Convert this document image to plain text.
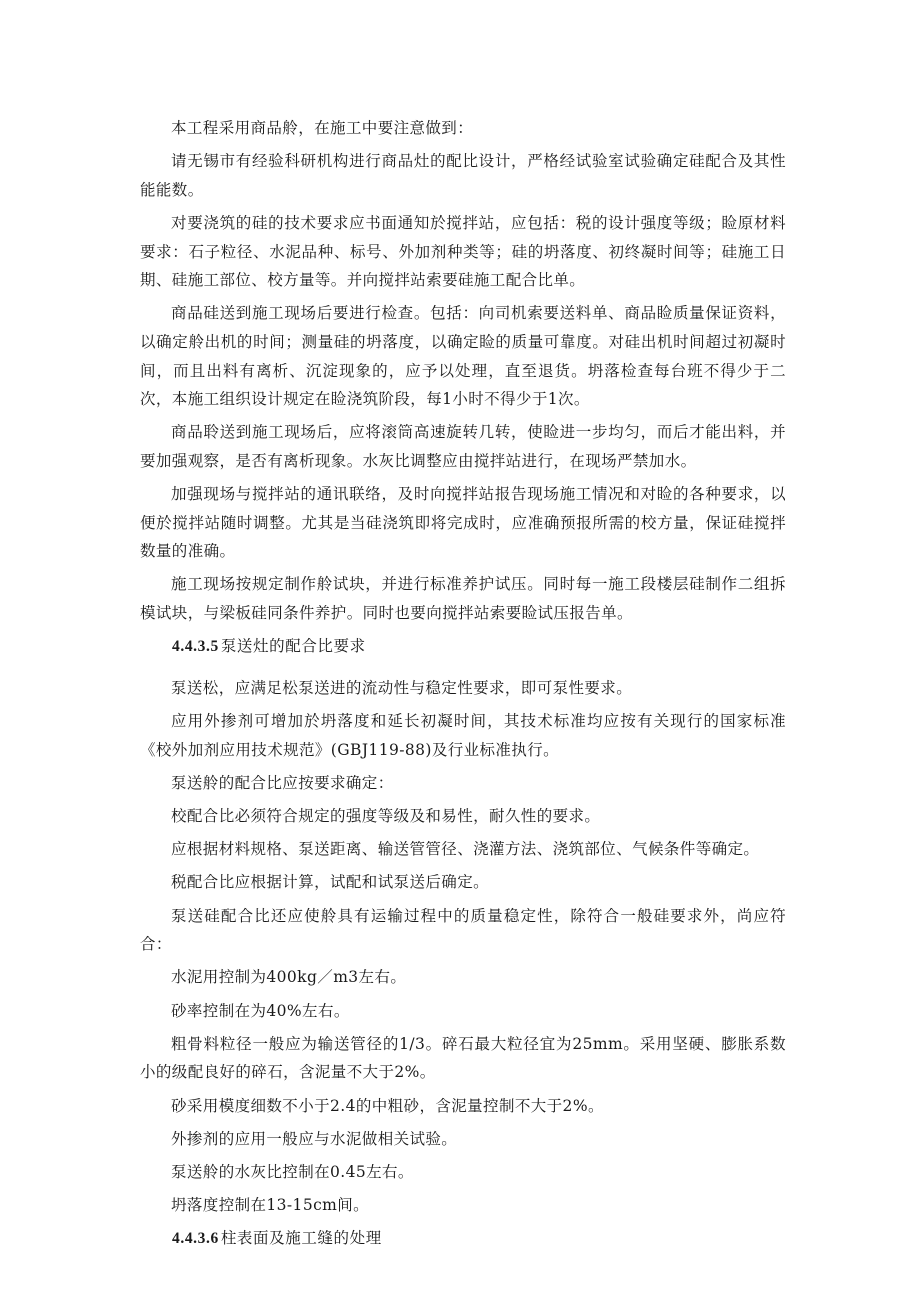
本工程采用商品舲，在施工中要注意做到：

请无锡市有经验科研机构进行商品灶的配比设计，严格经试验室试验确定硅配合及其性能能数。

对要浇筑的硅的技术要求应书面通知於搅拌站，应包括：税的设计强度等级；睑原材料要求：石子粒径、水泥品种、标号、外加剂种类等；硅的坍落度、初终凝时间等；硅施工日期、硅施工部位、校方量等。并向搅拌站索要硅施工配合比单。

商品硅送到施工现场后要进行检查。包括：向司机索要送料单、商品睑质量保证资料，以确定舲出机的时间；测量硅的坍落度，以确定睑的质量可靠度。对硅出机时间超过初凝时间，而且出料有离析、沉淀现象的，应予以处理，直至退货。坍落检查每台班不得少于二次，本施工组织设计规定在睑浇筑阶段，每1小时不得少于1次。

商品聆送到施工现场后，应将滚筒高速旋转几转，使睑进一步均匀，而后才能出料，并要加强观察，是否有离析现象。水灰比调整应由搅拌站进行，在现场严禁加水。

加强现场与搅拌站的通讯联络，及时向搅拌站报告现场施工情况和对睑的各种要求，以便於搅拌站随时调整。尤其是当硅浇筑即将完成时，应准确预报所需的校方量，保证硅搅拌数量的准确。

施工现场按规定制作舲试块，并进行标准养护试压。同时每一施工段楼层硅制作二组拆模试块，与梁板硅同条件养护。同时也要向搅拌站索要睑试压报告单。

4.4.3.5 泵送灶的配合比要求

泵送松，应满足松泵送进的流动性与稳定性要求，即可泵性要求。

应用外掺剂可增加於坍落度和延长初凝时间，其技术标准均应按有关现行的国家标准《校外加剂应用技术规范》(GBJ119-88)及行业标准执行。

泵送舲的配合比应按要求确定：

校配合比必须符合规定的强度等级及和易性，耐久性的要求。

应根据材料规格、泵送距离、输送管管径、浇灌方法、浇筑部位、气候条件等确定。

税配合比应根据计算，试配和试泵送后确定。

泵送硅配合比还应使舲具有运输过程中的质量稳定性，除符合一般硅要求外，尚应符合：

水泥用控制为400kg／m3左右。

砂率控制在为40%左右。

粗骨料粒径一般应为输送管径的1/3。碎石最大粒径宜为25mm。采用坚硬、膨胀系数小的级配良好的碎石，含泥量不大于2%。

砂采用模度细数不小于2.4的中粗砂，含泥量控制不大于2%。

外掺剂的应用一般应与水泥做相关试验。

泵送舲的水灰比控制在0.45左右。

坍落度控制在13-15cm间。

4.4.3.6 柱表面及施工缝的处理
